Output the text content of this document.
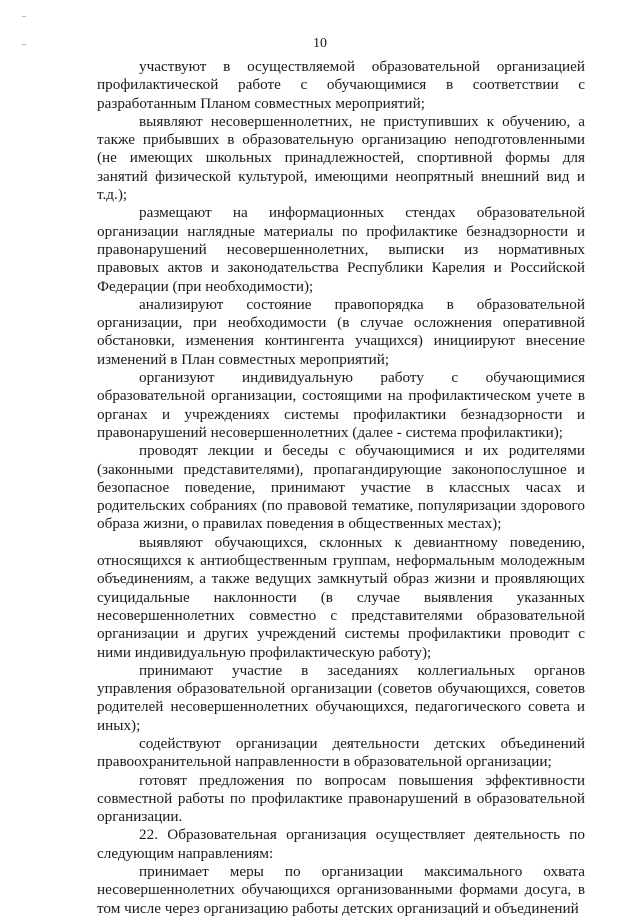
10

участвуют в осуществляемой образовательной организацией профилактической работе с обучающимися в соответствии с разработанным Планом совместных мероприятий;

выявляют несовершеннолетних, не приступивших к обучению, а также прибывших в образовательную организацию неподготовленными (не имеющих школьных принадлежностей, спортивной формы для занятий физической культурой, имеющими неопрятный внешний вид и т.д.);

размещают на информационных стендах образовательной организации наглядные материалы по профилактике безнадзорности и правонарушений несовершеннолетних, выписки из нормативных правовых актов и законодательства Республики Карелия и Российской Федерации (при необходимости);

анализируют состояние правопорядка в образовательной организации, при необходимости (в случае осложнения оперативной обстановки, изменения контингента учащихся) инициируют внесение изменений в План совместных мероприятий;

организуют индивидуальную работу с обучающимися образовательной организации, состоящими на профилактическом учете в органах и учреждениях системы профилактики безнадзорности и правонарушений несовершеннолетних (далее - система профилактики);

проводят лекции и беседы с обучающимися и их родителями (законными представителями), пропагандирующие законопослушное и безопасное поведение, принимают участие в классных часах и родительских собраниях (по правовой тематике, популяризации здорового образа жизни, о правилах поведения в общественных местах);

выявляют обучающихся, склонных к девиантному поведению, относящихся к антиобщественным группам, неформальным молодежным объединениям, а также ведущих замкнутый образ жизни и проявляющих суицидальные наклонности (в случае выявления указанных несовершеннолетних совместно с представителями образовательной организации и других учреждений системы профилактики проводит с ними индивидуальную профилактическую работу);

принимают участие в заседаниях коллегиальных органов управления образовательной организации (советов обучающихся, советов родителей несовершеннолетних обучающихся, педагогического совета и иных);

содействуют организации деятельности детских объединений правоохранительной направленности в образовательной организации;

готовят предложения по вопросам повышения эффективности совместной работы по профилактике правонарушений в образовательной организации.

22. Образовательная организация осуществляет деятельность по следующим направлениям:

принимает меры по организации максимального охвата несовершеннолетних обучающихся организованными формами досуга, в том числе через организацию работы детских организаций и объединений
